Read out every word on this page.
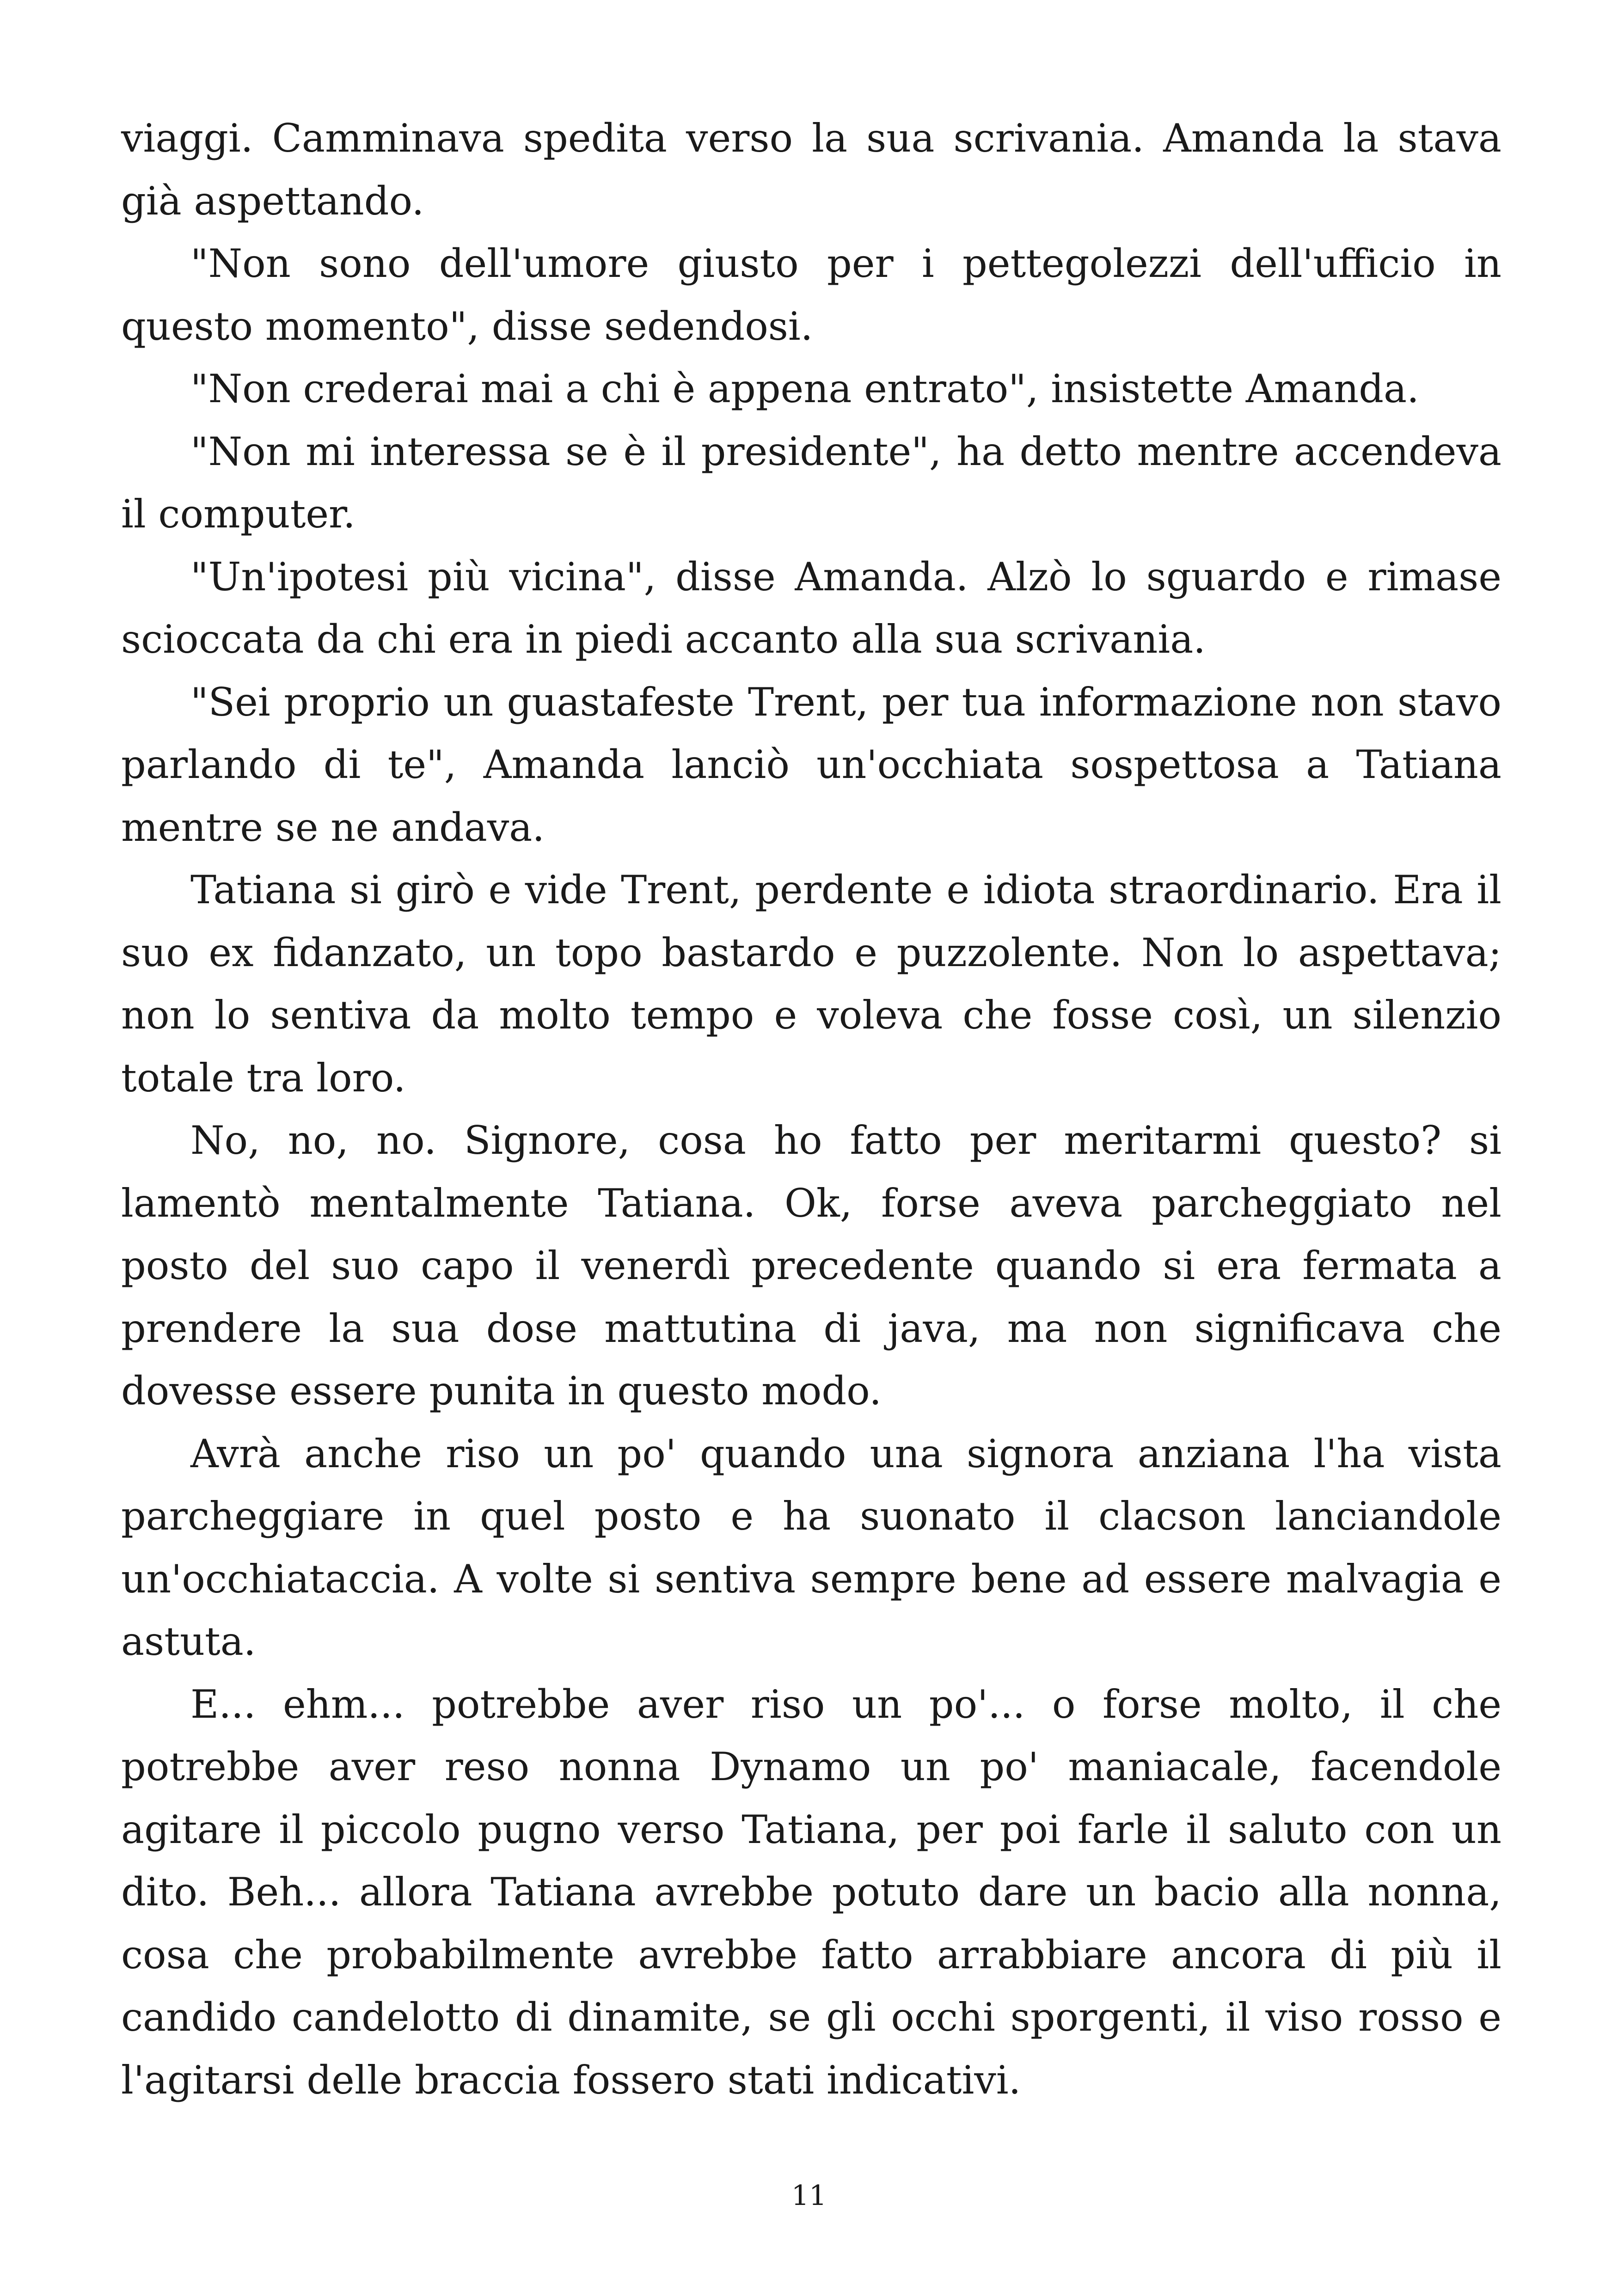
viaggi. Camminava spedita verso la sua scrivania. Amanda la stava già aspettando.

"Non sono dell'umore giusto per i pettegolezzi dell'ufficio in questo momento", disse sedendosi.

"Non crederai mai a chi è appena entrato", insistette Amanda.

"Non mi interessa se è il presidente", ha detto mentre accendeva il computer.

"Un'ipotesi più vicina", disse Amanda. Alzò lo sguardo e rimase scioccata da chi era in piedi accanto alla sua scrivania.

"Sei proprio un guastafeste Trent, per tua informazione non stavo parlando di te", Amanda lanciò un'occhiata sospettosa a Tatiana mentre se ne andava.

Tatiana si girò e vide Trent, perdente e idiota straordinario. Era il suo ex fidanzato, un topo bastardo e puzzolente. Non lo aspettava; non lo sentiva da molto tempo e voleva che fosse così, un silenzio totale tra loro.

No, no, no. Signore, cosa ho fatto per meritarmi questo? si lamentò mentalmente Tatiana. Ok, forse aveva parcheggiato nel posto del suo capo il venerdì precedente quando si era fermata a prendere la sua dose mattutina di java, ma non significava che dovesse essere punita in questo modo.

Avrà anche riso un po' quando una signora anziana l'ha vista parcheggiare in quel posto e ha suonato il clacson lanciandole un'occhiataccia. A volte si sentiva sempre bene ad essere malvagia e astuta.

E... ehm... potrebbe aver riso un po'... o forse molto, il che potrebbe aver reso nonna Dynamo un po' maniacale, facendole agitare il piccolo pugno verso Tatiana, per poi farle il saluto con un dito. Beh... allora Tatiana avrebbe potuto dare un bacio alla nonna, cosa che probabilmente avrebbe fatto arrabbiare ancora di più il candido candelotto di dinamite, se gli occhi sporgenti, il viso rosso e l'agitarsi delle braccia fossero stati indicativi.

11
